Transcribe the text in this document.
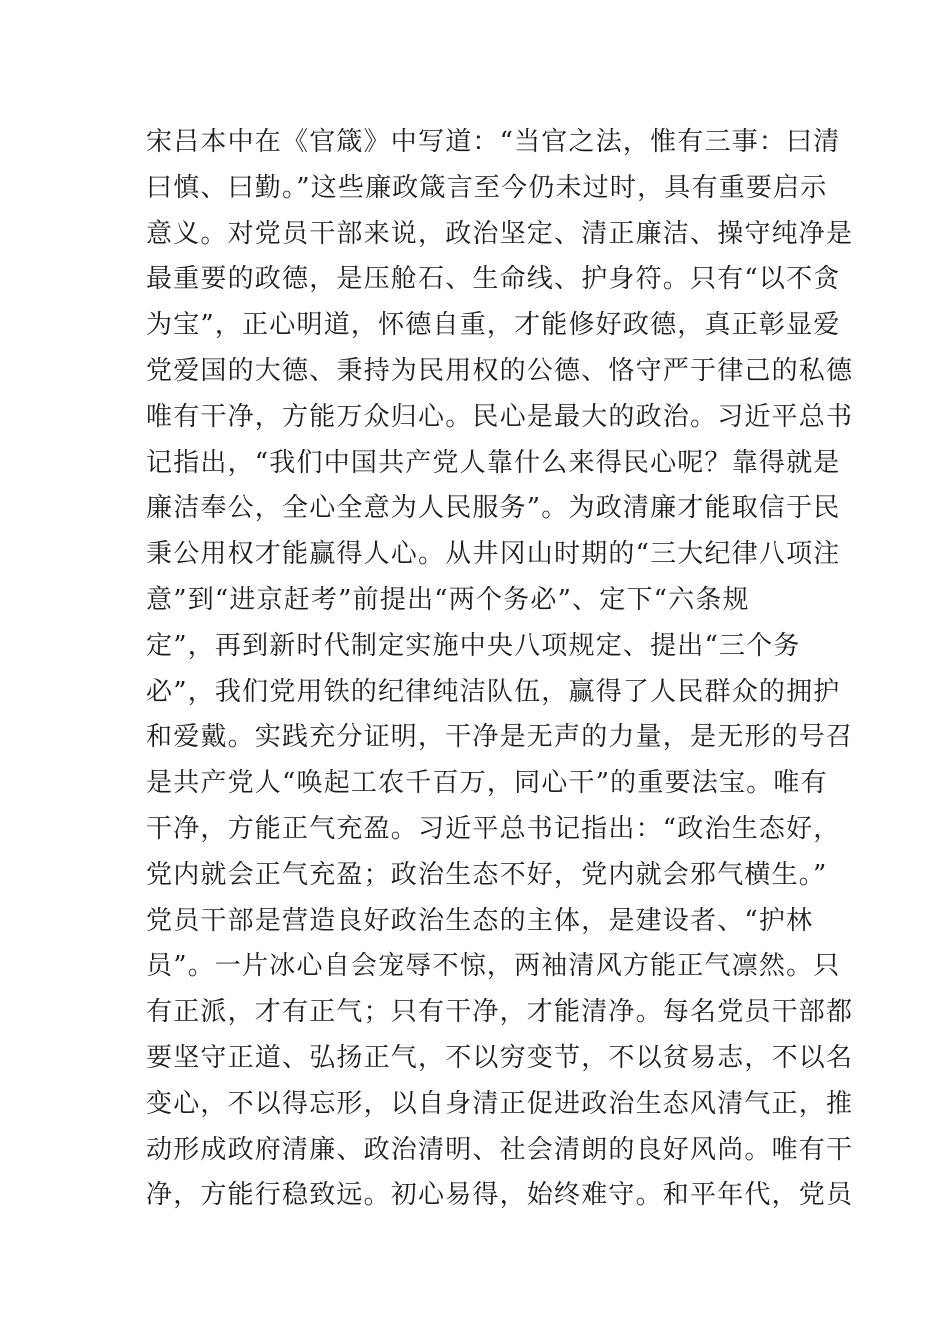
宋吕本中在《官箴》中写道：“当官之法，惟有三事：曰清
曰慎、曰勤。”这些廉政箴言至今仍未过时，具有重要启示
意义。对党员干部来说，政治坚定、清正廉洁、操守纯净是
最重要的政德，是压舱石、生命线、护身符。只有“以不贪
为宝”，正心明道，怀德自重，才能修好政德，真正彰显爱
党爱国的大德、秉持为民用权的公德、恪守严于律己的私德
唯有干净，方能万众归心。民心是最大的政治。习近平总书
记指出，“我们中国共产党人靠什么来得民心呢？靠得就是
廉洁奉公，全心全意为人民服务”。为政清廉才能取信于民
秉公用权才能赢得人心。从井冈山时期的“三大纪律八项注
意”到“进京赶考”前提出“两个务必”、定下“六条规
定”，再到新时代制定实施中央八项规定、提出“三个务
必”，我们党用铁的纪律纯洁队伍，赢得了人民群众的拥护
和爱戴。实践充分证明，干净是无声的力量，是无形的号召
是共产党人“唤起工农千百万，同心干”的重要法宝。唯有
干净，方能正气充盈。习近平总书记指出：“政治生态好，
党内就会正气充盈；政治生态不好，党内就会邪气横生。”
党员干部是营造良好政治生态的主体，是建设者、“护林
员”。一片冰心自会宠辱不惊，两袖清风方能正气凛然。只
有正派，才有正气；只有干净，才能清净。每名党员干部都
要坚守正道、弘扬正气，不以穷变节，不以贫易志，不以名
变心，不以得忘形，以自身清正促进政治生态风清气正，推
动形成政府清廉、政治清明、社会清朗的良好风尚。唯有干
净，方能行稳致远。初心易得，始终难守。和平年代，党员
